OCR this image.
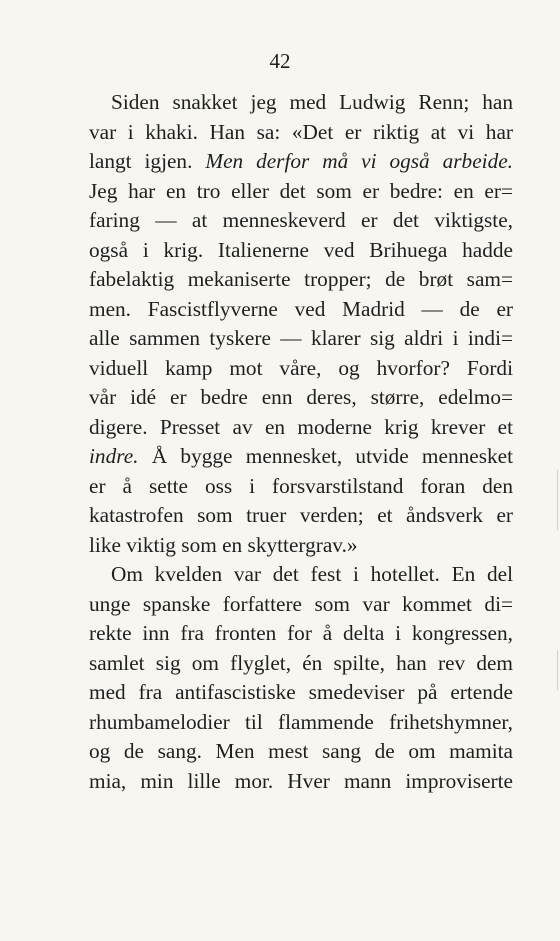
42
Siden snakket jeg med Ludwig Renn; han
var i khaki. Han sa: «Det er riktig at vi har
langt igjen. Men derfor må vi også arbeide.
Jeg har en tro eller det som er bedre: en er=
faring — at menneskeverd er det viktigste,
også i krig. Italienerne ved Brihuega hadde
fabelaktig mekaniserte tropper; de brøt sam=
men. Fascistflyverne ved Madrid — de er
alle sammen tyskere — klarer sig aldri i indi=
viduell kamp mot våre, og hvorfor? Fordi
vår idé er bedre enn deres, større, edelmo=
digere. Presset av en moderne krig krever et
indre. Å bygge mennesket, utvide mennesket
er å sette oss i forsvarstilstand foran den
katastrofen som truer verden; et åndsverk er
like viktig som en skyttergrav.»
Om kvelden var det fest i hotellet. En del
unge spanske forfattere som var kommet di=
rekte inn fra fronten for å delta i kongressen,
samlet sig om flyglet, én spilte, han rev dem
med fra antifascistiske smedeviser på ertende
rhumbamelodier til flammende frihetshymner,
og de sang. Men mest sang de om mamita
mia, min lille mor. Hver mann improviserte
